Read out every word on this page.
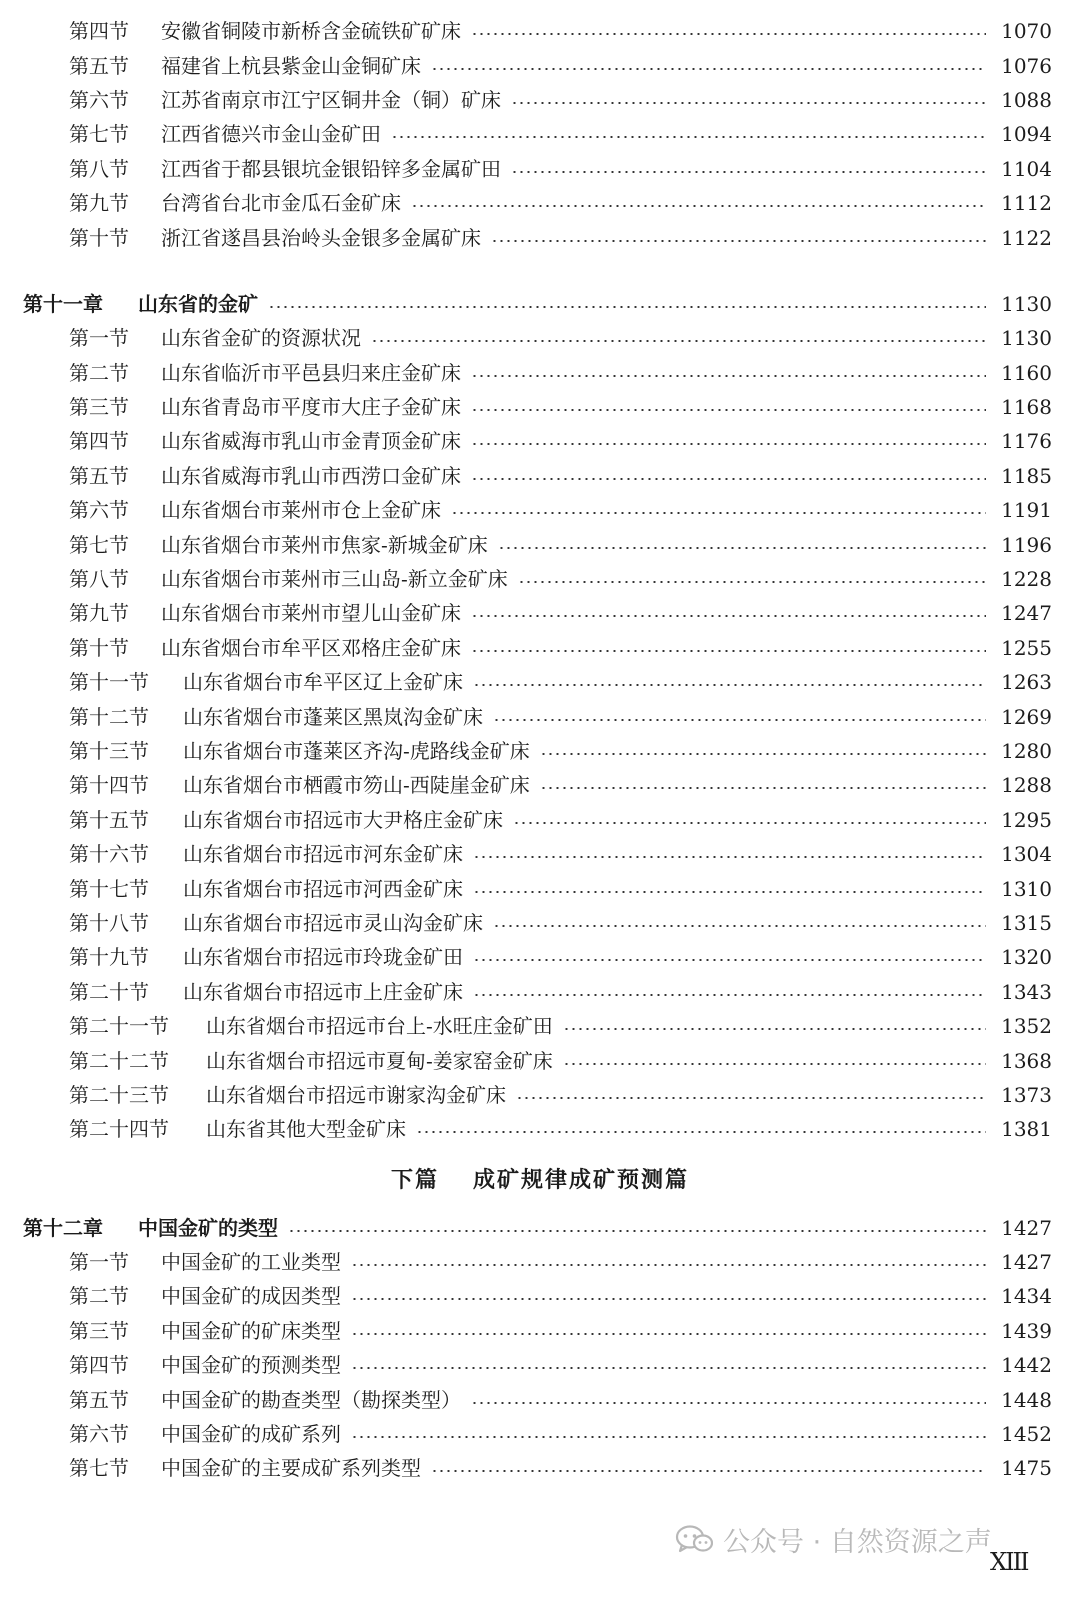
第四节	安徽省铜陵市新桥含金硫铁矿矿床	1070
第五节	福建省上杭县紫金山金铜矿床	1076
第六节	江苏省南京市江宁区铜井金（铜）矿床	1088
第七节	江西省德兴市金山金矿田	1094
第八节	江西省于都县银坑金银铅锌多金属矿田	1104
第九节	台湾省台北市金瓜石金矿床	1112
第十节	浙江省遂昌县治岭头金银多金属矿床	1122
第十一章	山东省的金矿	1130
第一节	山东省金矿的资源状况	1130
第二节	山东省临沂市平邑县归来庄金矿床	1160
第三节	山东省青岛市平度市大庄子金矿床	1168
第四节	山东省威海市乳山市金青顶金矿床	1176
第五节	山东省威海市乳山市西涝口金矿床	1185
第六节	山东省烟台市莱州市仓上金矿床	1191
第七节	山东省烟台市莱州市焦家-新城金矿床	1196
第八节	山东省烟台市莱州市三山岛-新立金矿床	1228
第九节	山东省烟台市莱州市望儿山金矿床	1247
第十节	山东省烟台市牟平区邓格庄金矿床	1255
第十一节	山东省烟台市牟平区辽上金矿床	1263
第十二节	山东省烟台市蓬莱区黑岚沟金矿床	1269
第十三节	山东省烟台市蓬莱区齐沟-虎路线金矿床	1280
第十四节	山东省烟台市栖霞市笏山-西陡崖金矿床	1288
第十五节	山东省烟台市招远市大尹格庄金矿床	1295
第十六节	山东省烟台市招远市河东金矿床	1304
第十七节	山东省烟台市招远市河西金矿床	1310
第十八节	山东省烟台市招远市灵山沟金矿床	1315
第十九节	山东省烟台市招远市玲珑金矿田	1320
第二十节	山东省烟台市招远市上庄金矿床	1343
第二十一节	山东省烟台市招远市台上-水旺庄金矿田	1352
第二十二节	山东省烟台市招远市夏甸-姜家窑金矿床	1368
第二十三节	山东省烟台市招远市谢家沟金矿床	1373
第二十四节	山东省其他大型金矿床	1381
下篇 成矿规律成矿预测篇
第十二章	中国金矿的类型	1427
第一节	中国金矿的工业类型	1427
第二节	中国金矿的成因类型	1434
第三节	中国金矿的矿床类型	1439
第四节	中国金矿的预测类型	1442
第五节	中国金矿的勘查类型（勘探类型）	1448
第六节	中国金矿的成矿系列	1452
第七节	中国金矿的主要成矿系列类型	1475
公众号 · 自然资源之声
XIII
